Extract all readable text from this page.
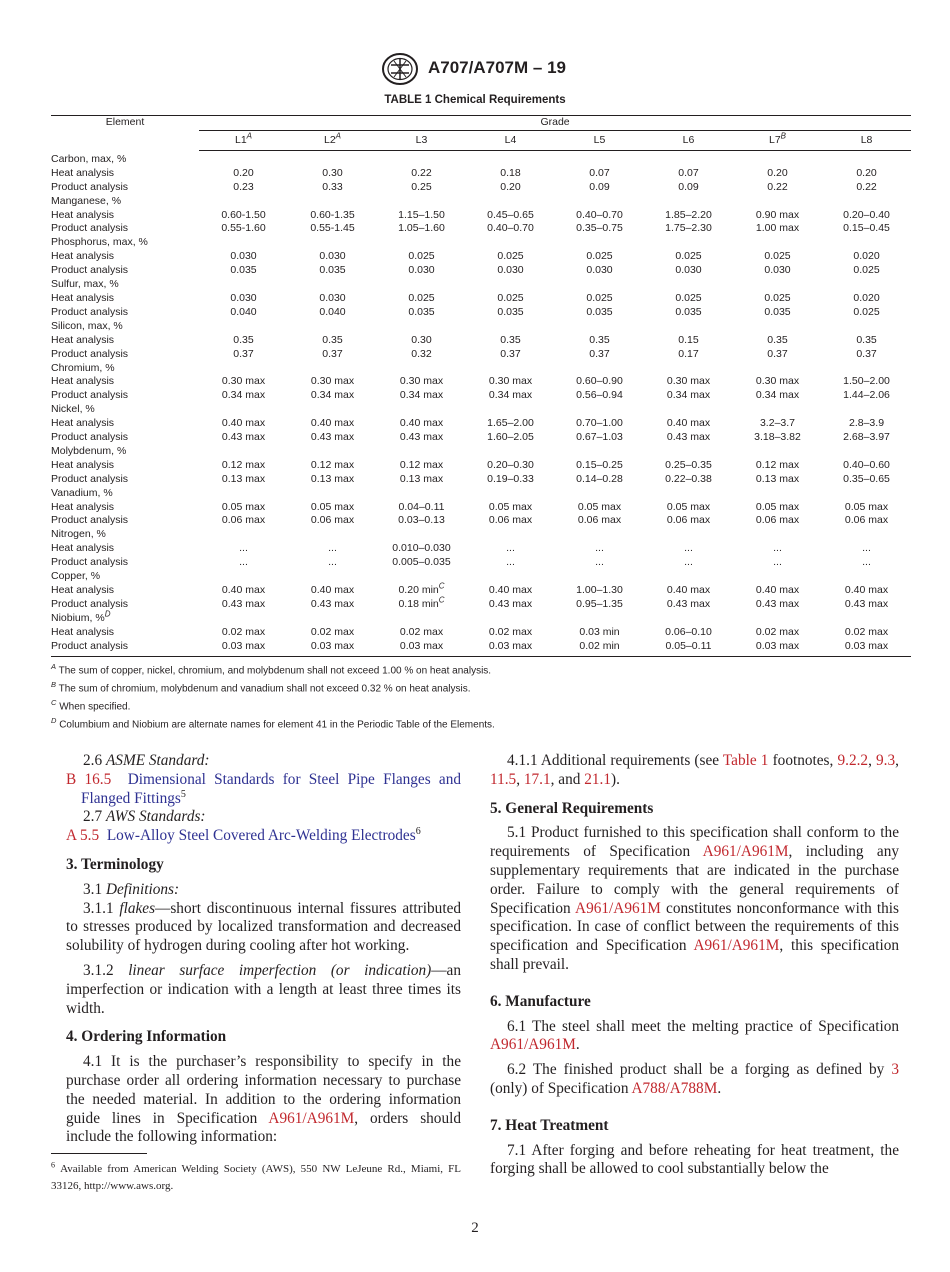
A707/A707M – 19
TABLE 1 Chemical Requirements
Element	Grade							
	$L1^A$	$L2^A$	L3	L4	L5	L6	$L7^B$	L8
Carbon, max, %								
Heat analysis	0.20	0.30	0.22	0.18	0.07	0.07	0.20	0.20
Product analysis	0.23	0.33	0.25	0.20	0.09	0.09	0.22	0.22
Manganese, %								
Heat analysis	0.60-1.50	0.60-1.35	1.15–1.50	0.45–0.65	0.40–0.70	1.85–2.20	0.90 max	0.20–0.40
Product analysis	0.55-1.60	0.55-1.45	1.05–1.60	0.40–0.70	0.35–0.75	1.75–2.30	1.00 max	0.15–0.45
Phosphorus, max, %								
Heat analysis	0.030	0.030	0.025	0.025	0.025	0.025	0.025	0.020
Product analysis	0.035	0.035	0.030	0.030	0.030	0.030	0.030	0.025
Sulfur, max, %								
Heat analysis	0.030	0.030	0.025	0.025	0.025	0.025	0.025	0.020
Product analysis	0.040	0.040	0.035	0.035	0.035	0.035	0.035	0.025
Silicon, max, %								
Heat analysis	0.35	0.35	0.30	0.35	0.35	0.15	0.35	0.35
Product analysis	0.37	0.37	0.32	0.37	0.37	0.17	0.37	0.37
Chromium, %								
Heat analysis	0.30 max	0.30 max	0.30 max	0.30 max	0.60–0.90	0.30 max	0.30 max	1.50–2.00
Product analysis	0.34 max	0.34 max	0.34 max	0.34 max	0.56–0.94	0.34 max	0.34 max	1.44–2.06
Nickel, %								
Heat analysis	0.40 max	0.40 max	0.40 max	1.65–2.00	0.70–1.00	0.40 max	3.2–3.7	2.8–3.9
Product analysis	0.43 max	0.43 max	0.43 max	1.60–2.05	0.67–1.03	0.43 max	3.18–3.82	2.68–3.97
Molybdenum, %								
Heat analysis	0.12 max	0.12 max	0.12 max	0.20–0.30	0.15–0.25	0.25–0.35	0.12 max	0.40–0.60
Product analysis	0.13 max	0.13 max	0.13 max	0.19–0.33	0.14–0.28	0.22–0.38	0.13 max	0.35–0.65
Vanadium, %								
Heat analysis	0.05 max	0.05 max	0.04–0.11	0.05 max	0.05 max	0.05 max	0.05 max	0.05 max
Product analysis	0.06 max	0.06 max	0.03–0.13	0.06 max	0.06 max	0.06 max	0.06 max	0.06 max
Nitrogen, %								
Heat analysis	...	...	0.010–0.030	...	...	...	...	...
Product analysis	...	...	0.005–0.035	...	...	...	...	...
Copper, %								
Heat analysis	0.40 max	0.40 max	0.20 $\min^C$	0.40 max	1.00–1.30	0.40 max	0.40 max	0.40 max
Product analysis	0.43 max	0.43 max	0.18 $\min^C$	0.43 max	0.95–1.35	0.43 max	0.43 max	0.43 max
Niobium, %$^D$
Heat analysis	0.02 max	0.02 max	0.02 max	0.02 max	0.03 min	0.06–0.10	0.02 max	0.02 max
Product analysis	0.03 max	0.03 max	0.03 max	0.03 max	0.02 min	0.05–0.11	0.03 max	0.03 max
$^A$ The sum of copper, nickel, chromium, and molybdenum shall not exceed 1.00 % on heat analysis.
$^B$ The sum of chromium, molybdenum and vanadium shall not exceed 0.32 % on heat analysis.
$^C$ When specified.
$^D$ Columbium and Niobium are alternate names for element 41 in the Periodic Table of the Elements.

2.6 ASME Standard:

B 16.5 Dimensional Standards for Steel Pipe Flanges and Flanged Fittings$^5$

2.7 AWS Standards:

A 5.5 Low-Alloy Steel Covered Arc-Welding Electrodes$^6$

3. Terminology

3.1 Definitions:

3.1.1 flakes—short discontinuous internal fissures attributed to stresses produced by localized transformation and decreased solubility of hydrogen during cooling after hot working.

3.1.2 linear surface imperfection (or indication)—an imperfection or indication with a length at least three times its width.

4. Ordering Information

4.1 It is the purchaser’s responsibility to specify in the purchase order all ordering information necessary to purchase the needed material. In addition to the ordering information guide lines in Specification A961/A961M, orders should include the following information:

$^6$ Available from American Welding Society (AWS), 550 NW LeJeune Rd., Miami, FL 33126, http://www.aws.org.

4.1.1 Additional requirements (see Table 1 footnotes, 9.2.2, 9.3, 11.5, 17.1, and 21.1).

5. General Requirements

5.1 Product furnished to this specification shall conform to the requirements of Specification A961/A961M, including any supplementary requirements that are indicated in the purchase order. Failure to comply with the general requirements of Specification A961/A961M constitutes nonconformance with this specification. In case of conflict between the requirements of this specification and Specification A961/A961M, this specification shall prevail.

6. Manufacture

6.1 The steel shall meet the melting practice of Specification A961/A961M.

6.2 The finished product shall be a forging as defined by 3 (only) of Specification A788/A788M.

7. Heat Treatment

7.1 After forging and before reheating for heat treatment, the forging shall be allowed to cool substantially below the

2
